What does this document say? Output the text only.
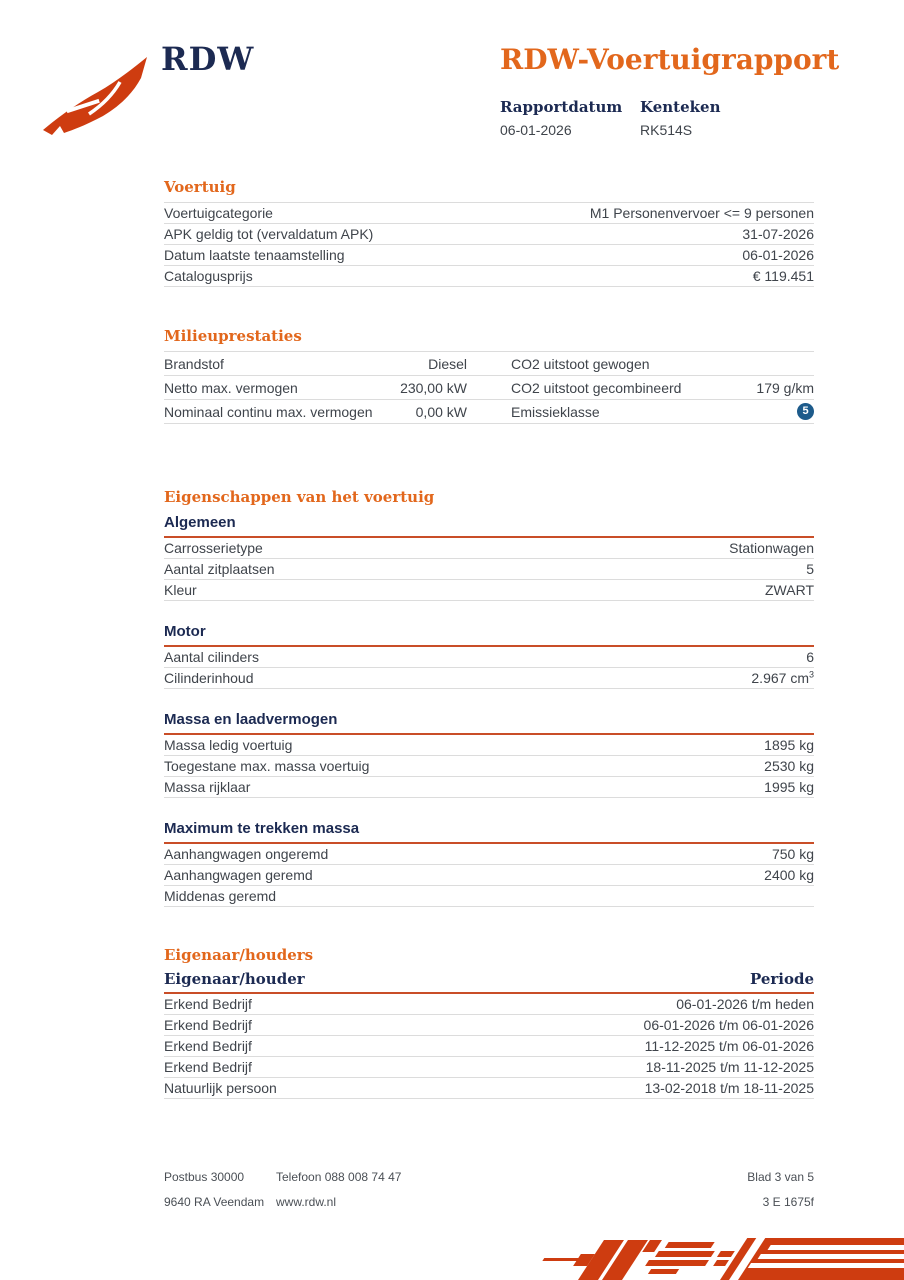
RDW	RDW-Voertuigrapport
Rapportdatum
06-01-2026
Kenteken
RK514S
Voertuig
Voertuigcategorie	M1 Personenvervoer <= 9 personen
APK geldig tot (vervaldatum APK)	31-07-2026
Datum laatste tenaamstelling	06-01-2026
Catalogusprijs	€ 119.451
Milieuprestaties
Brandstof	Diesel	CO2 uitstoot gewogen
Netto max. vermogen	230,00 kW	CO2 uitstoot gecombineerd	179 g/km
Nominaal continu max. vermogen	0,00 kW	Emissieklasse	5
Eigenschappen van het voertuig
Algemeen
Carrosserietype	Stationwagen
Aantal zitplaatsen	5
Kleur	ZWART
Motor
Aantal cilinders	6
Cilinderinhoud	2.967 $cm^3$
Massa en laadvermogen
Massa ledig voertuig	1895 kg
Toegestane max. massa voertuig	2530 kg
Massa rijklaar	1995 kg
Maximum te trekken massa
Aanhangwagen ongeremd	750 kg
Aanhangwagen geremd	2400 kg
Middenas geremd
Eigenaar/houders
Eigenaar/houder	Periode
Erkend Bedrijf	06-01-2026 t/m heden
Erkend Bedrijf	06-01-2026 t/m 06-01-2026
Erkend Bedrijf	11-12-2025 t/m 06-01-2026
Erkend Bedrijf	18-11-2025 t/m 11-12-2025
Natuurlijk persoon	13-02-2018 t/m 18-11-2025
Postbus 30000	Telefoon 088 008 74 47	Blad 3 van 5
9640 RA Veendam www.rdw.nl	3 E 1675f
